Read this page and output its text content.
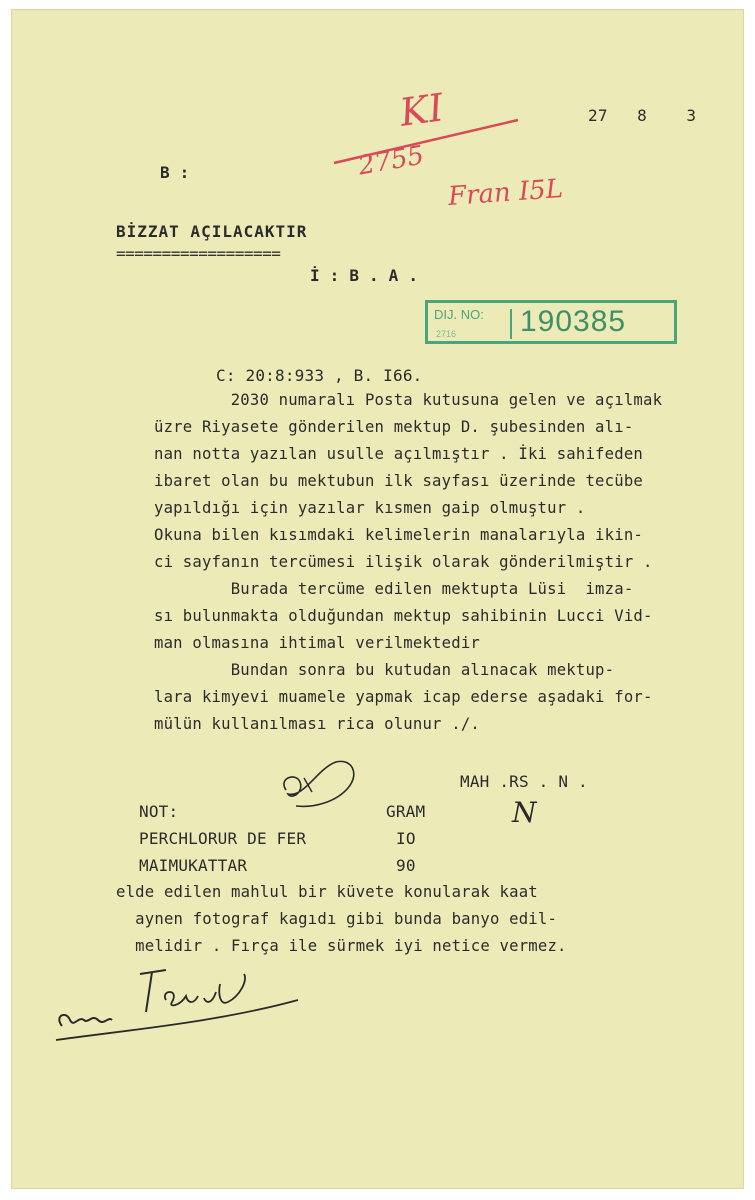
27   8    3
KI
2755
Fran I5L
B :
BİZZAT AÇILACAKTIR
==================
İ : B . A .
DIJ. NO:
2716 190385
C: 20:8:933 , B. I66.
2030 numaralı Posta kutusuna gelen ve açılmak
üzre Riyasete gönderilen mektup D. şubesinden alı-
nan notta yazılan usulle açılmıştır . İki sahifeden
ibaret olan bu mektubun ilk sayfası üzerinde tecübe
yapıldığı için yazılar kısmen gaip olmuştur .
Okuna bilen kısımdaki kelimelerin manalarıyla ikin-
ci sayfanın tercümesi ilişik olarak gönderilmiştir .
Burada tercüme edilen mektupta Lüsi  imza-
sı bulunmakta olduğundan mektup sahibinin Lucci Vid-
man olmasına ihtimal verilmektedir
Bundan sonra bu kutudan alınacak mektup-
lara kimyevi muamele yapmak icap ederse aşadaki for-
mülün kullanılması rica olunur ./.
MAH .RS . N .
N
NOT:	GRAM
PERCHLORUR DE FER	IO
MAIMUKATTAR	90
elde edilen mahlul bir küvete konularak kaat
aynen fotograf kagıdı gibi bunda banyo edil-
melidir . Fırça ile sürmek iyi netice vermez.
